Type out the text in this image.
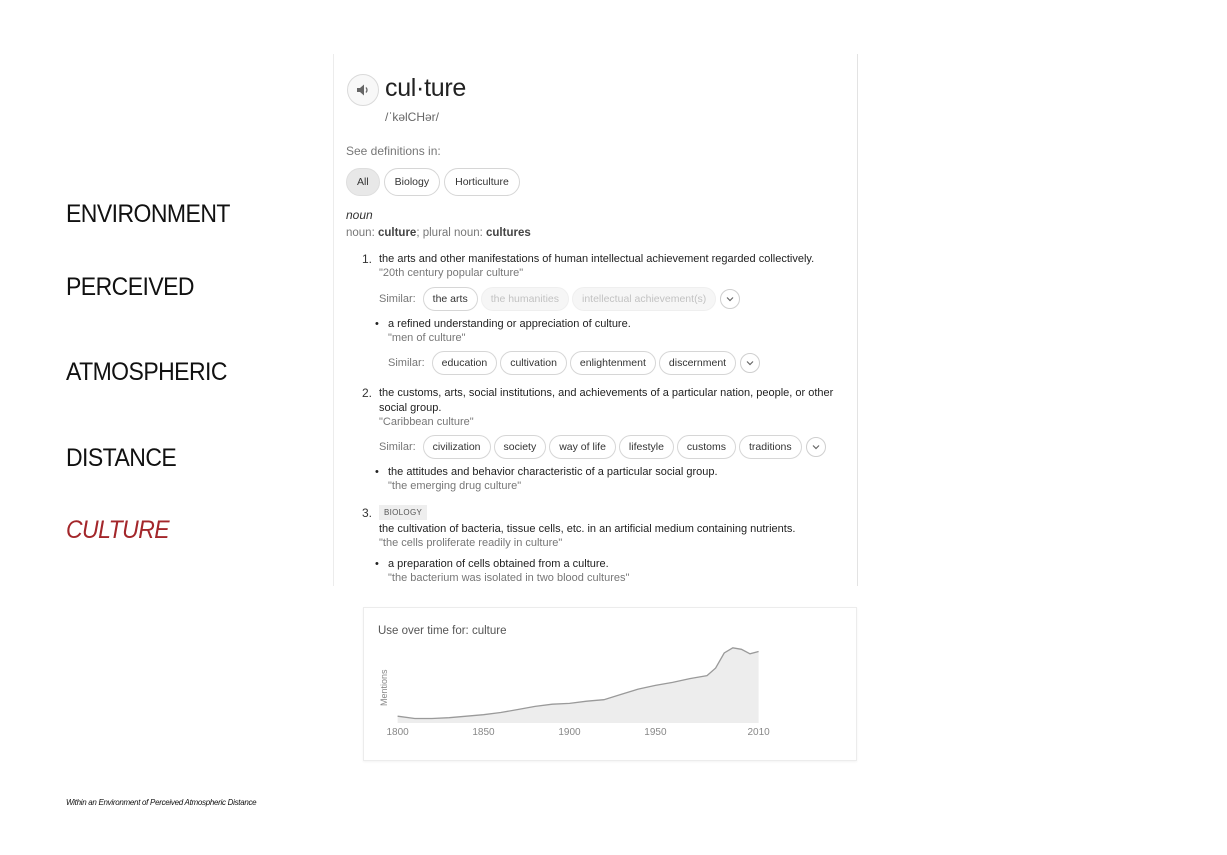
ENVIRONMENT
PERCEIVED
ATMOSPHERIC
DISTANCE
CULTURE
cul·ture
/ˈkəlCHər/
See definitions in:
All	Biology	Horticulture
noun
noun: culture; plural noun: cultures
1. the arts and other manifestations of human intellectual achievement regarded collectively.
"20th century popular culture"
Similar:	the arts	the humanities	intellectual achievement(s)
• a refined understanding or appreciation of culture.
"men of culture"
Similar:	education	cultivation	enlightenment	discernment
2. the customs, arts, social institutions, and achievements of a particular nation, people, or other social group.
"Caribbean culture"
Similar:	civilization	society	way of life	lifestyle	customs	traditions
• the attitudes and behavior characteristic of a particular social group.
"the emerging drug culture"
3.	BIOLOGY
the cultivation of bacteria, tissue cells, etc. in an artificial medium containing nutrients.
"the cells proliferate readily in culture"
• a preparation of cells obtained from a culture.
"the bacterium was isolated in two blood cultures"
Use over time for: culture
Mentions
1800	1850	1900	1950	2010
Within an Environment of Perceived Atmospheric Distance
